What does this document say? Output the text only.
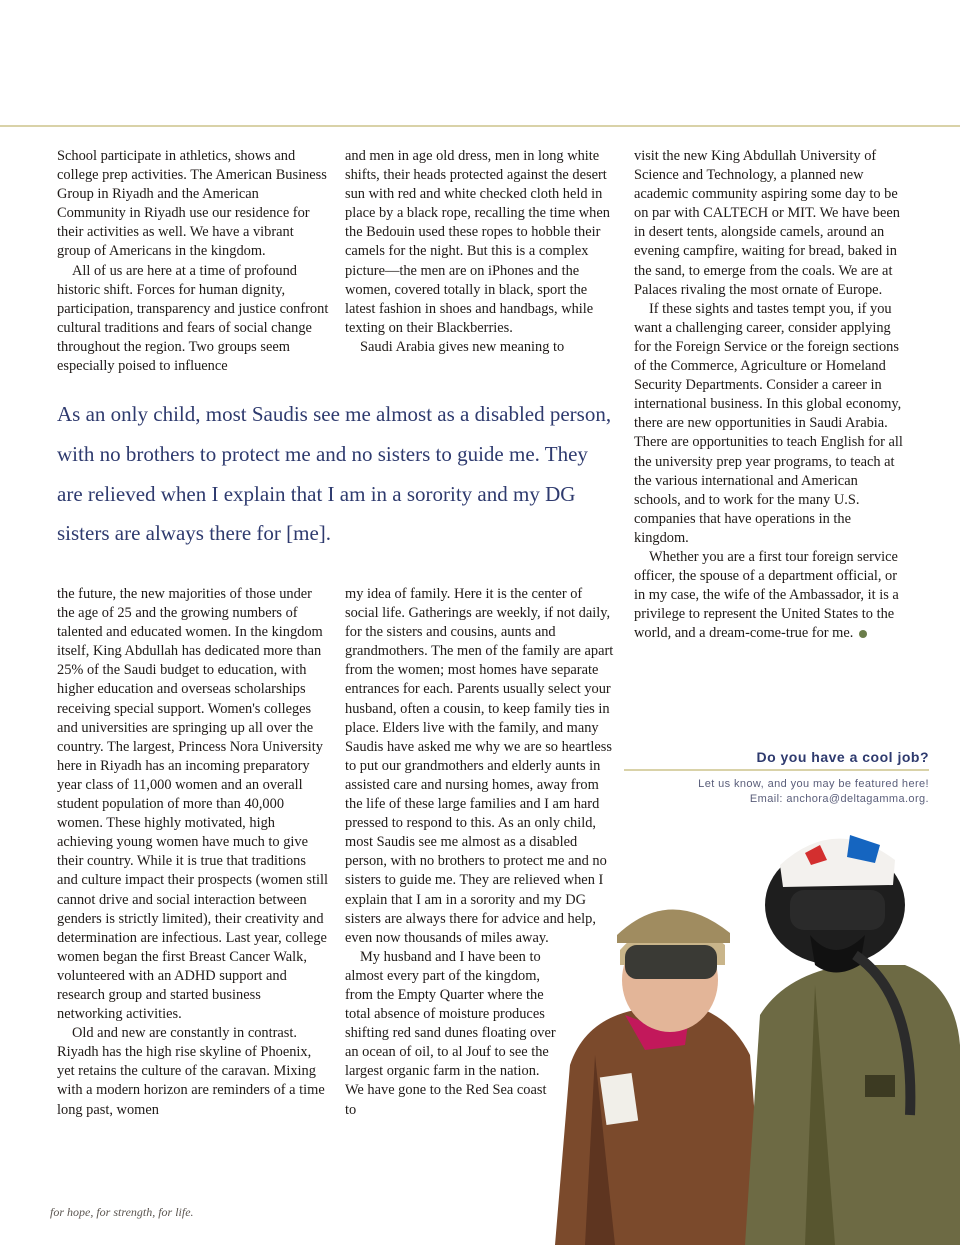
School participate in athletics, shows and college prep activities. The American Business Group in Riyadh and the American Community in Riyadh use our residence for their activities as well. We have a vibrant group of Americans in the kingdom.

All of us are here at a time of profound historic shift. Forces for human dignity, participation, transparency and justice confront cultural traditions and fears of social change throughout the region. Two groups seem especially poised to influence

and men in age old dress, men in long white shifts, their heads protected against the desert sun with red and white checked cloth held in place by a black rope, recalling the time when the Bedouin used these ropes to hobble their camels for the night. But this is a complex picture—the men are on iPhones and the women, covered totally in black, sport the latest fashion in shoes and handbags, while texting on their Blackberries.

Saudi Arabia gives new meaning to

visit the new King Abdullah University of Science and Technology, a planned new academic community aspiring some day to be on par with CALTECH or MIT. We have been in desert tents, alongside camels, around an evening campfire, waiting for bread, baked in the sand, to emerge from the coals. We are at Palaces rivaling the most ornate of Europe.

If these sights and tastes tempt you, if you want a challenging career, consider applying for the Foreign Service or the foreign sections of the Commerce, Agriculture or Homeland Security Departments. Consider a career in international business. In this global economy, there are new opportunities in Saudi Arabia. There are opportunities to teach English for all the university prep year programs, to teach at the various international and American schools, and to work for the many U.S. companies that have operations in the kingdom.

Whether you are a first tour foreign service officer, the spouse of a department official, or in my case, the wife of the Ambassador, it is a privilege to represent the United States to the world, and a dream-come-true for me.

As an only child, most Saudis see me almost as a disabled person, with no brothers to protect me and no sisters to guide me. They are relieved when I explain that I am in a sorority and my DG sisters are always there for [me].

the future, the new majorities of those under the age of 25 and the growing numbers of talented and educated women. In the kingdom itself, King Abdullah has dedicated more than 25% of the Saudi budget to education, with higher education and overseas scholarships receiving special support. Women's colleges and universities are springing up all over the country. The largest, Princess Nora University here in Riyadh has an incoming preparatory year class of 11,000 women and an overall student population of more than 40,000 women. These highly motivated, high achieving young women have much to give their country. While it is true that traditions and culture impact their prospects (women still cannot drive and social interaction between genders is strictly limited), their creativity and determination are infectious. Last year, college women began the first Breast Cancer Walk, volunteered with an ADHD support and research group and started business networking activities.

Old and new are constantly in contrast. Riyadh has the high rise skyline of Phoenix, yet retains the culture of the caravan. Mixing with a modern horizon are reminders of a time long past, women

my idea of family. Here it is the center of social life. Gatherings are weekly, if not daily, for the sisters and cousins, aunts and grandmothers. The men of the family are apart from the women; most homes have separate entrances for each. Parents usually select your husband, often a cousin, to keep family ties in place. Elders live with the family, and many Saudis have asked me why we are so heartless to put our grandmothers and elderly aunts in assisted care and nursing homes, away from the life of these large families and I am hard pressed to respond to this. As an only child, most Saudis see me almost as a disabled person, with no brothers to protect me and no sisters to guide me. They are relieved when I explain that I am in a sorority and my DG sisters are always there for advice and help, even now thousands of miles away.

My husband and I have been to almost every part of the kingdom, from the Empty Quarter where the total absence of moisture produces shifting red sand dunes floating over an ocean of oil, to al Jouf to see the largest organic farm in the nation. We have gone to the Red Sea coast to

Do you have a cool job?
Let us know, and you may be featured here!
Email: anchora@deltagamma.org.
for hope, for strength, for life.
